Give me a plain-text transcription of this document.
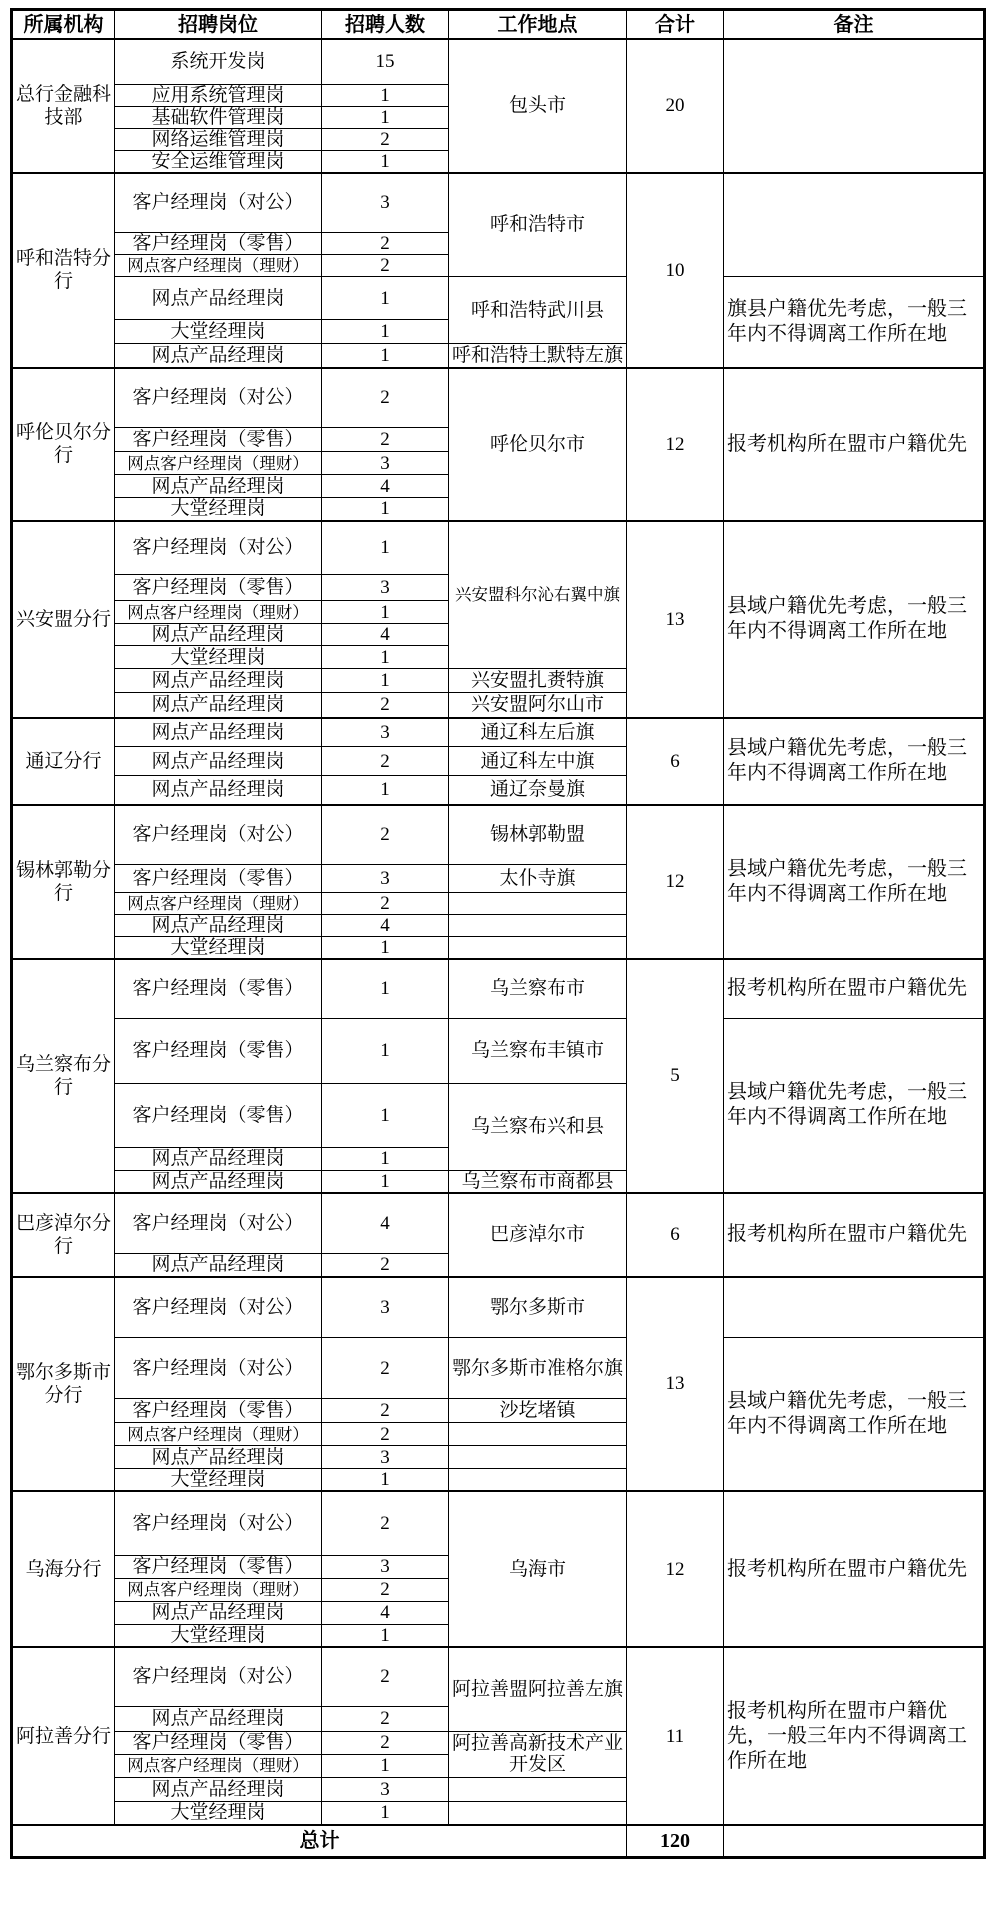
所属机构	招聘岗位	招聘人数	工作地点	合计	备注
总行金融科技部	系统开发岗	15	包头市	20	
	应用系统管理岗	1			
	基础软件管理岗	1			
	网络运维管理岗	2			
	安全运维管理岗	1			
呼和浩特分行	客户经理岗（对公）	3	呼和浩特市	10	
	客户经理岗（零售）	2			
	网点客户经理岗（理财）	2			
	网点产品经理岗	1	呼和浩特武川县		旗县户籍优先考虑，一般三年内不得调离工作所在地
	大堂经理岗	1			
	网点产品经理岗	1	呼和浩特土默特左旗		
呼伦贝尔分行	客户经理岗（对公）	2	呼伦贝尔市	12	报考机构所在盟市户籍优先
	客户经理岗（零售）	2			
	网点客户经理岗（理财）	3			
	网点产品经理岗	4			
	大堂经理岗	1			
兴安盟分行	客户经理岗（对公）	1	兴安盟科尔沁右翼中旗	13	县域户籍优先考虑，一般三年内不得调离工作所在地
	客户经理岗（零售）	3			
	网点客户经理岗（理财）	1			
	网点产品经理岗	4			
	大堂经理岗	1			
	网点产品经理岗	1	兴安盟扎赉特旗		
	网点产品经理岗	2	兴安盟阿尔山市		
通辽分行	网点产品经理岗	3	通辽科左后旗	6	县域户籍优先考虑，一般三年内不得调离工作所在地
	网点产品经理岗	2	通辽科左中旗		
	网点产品经理岗	1	通辽奈曼旗		
锡林郭勒分行	客户经理岗（对公）	2	锡林郭勒盟	12	县域户籍优先考虑，一般三年内不得调离工作所在地
	客户经理岗（零售）	3	太仆寺旗		
	网点客户经理岗（理财）	2			
	网点产品经理岗	4			
	大堂经理岗	1			
乌兰察布分行	客户经理岗（零售）	1	乌兰察布市	5	报考机构所在盟市户籍优先
	客户经理岗（零售）	1	乌兰察布丰镇市		县域户籍优先考虑，一般三年内不得调离工作所在地
	客户经理岗（零售）	1	乌兰察布兴和县		
	网点产品经理岗	1			
	网点产品经理岗	1	乌兰察布市商都县		
巴彦淖尔分行	客户经理岗（对公）	4	巴彦淖尔市	6	报考机构所在盟市户籍优先
	网点产品经理岗	2			
鄂尔多斯市分行	客户经理岗（对公）	3	鄂尔多斯市	13	
	客户经理岗（对公）	2	鄂尔多斯市准格尔旗		县域户籍优先考虑，一般三年内不得调离工作所在地
	客户经理岗（零售）	2	沙圪堵镇		
	网点客户经理岗（理财）	2			
	网点产品经理岗	3			
	大堂经理岗	1			
乌海分行	客户经理岗（对公）	2	乌海市	12	报考机构所在盟市户籍优先
	客户经理岗（零售）	3			
	网点客户经理岗（理财）	2			
	网点产品经理岗	4			
	大堂经理岗	1			
阿拉善分行	客户经理岗（对公）	2	阿拉善盟阿拉善左旗	11	报考机构所在盟市户籍优先，一般三年内不得调离工作所在地
	网点产品经理岗	2			
	客户经理岗（零售）	2	阿拉善高新技术产业开发区		
	网点客户经理岗（理财）	1			
	网点产品经理岗	3			
	大堂经理岗	1			
总计				120	
